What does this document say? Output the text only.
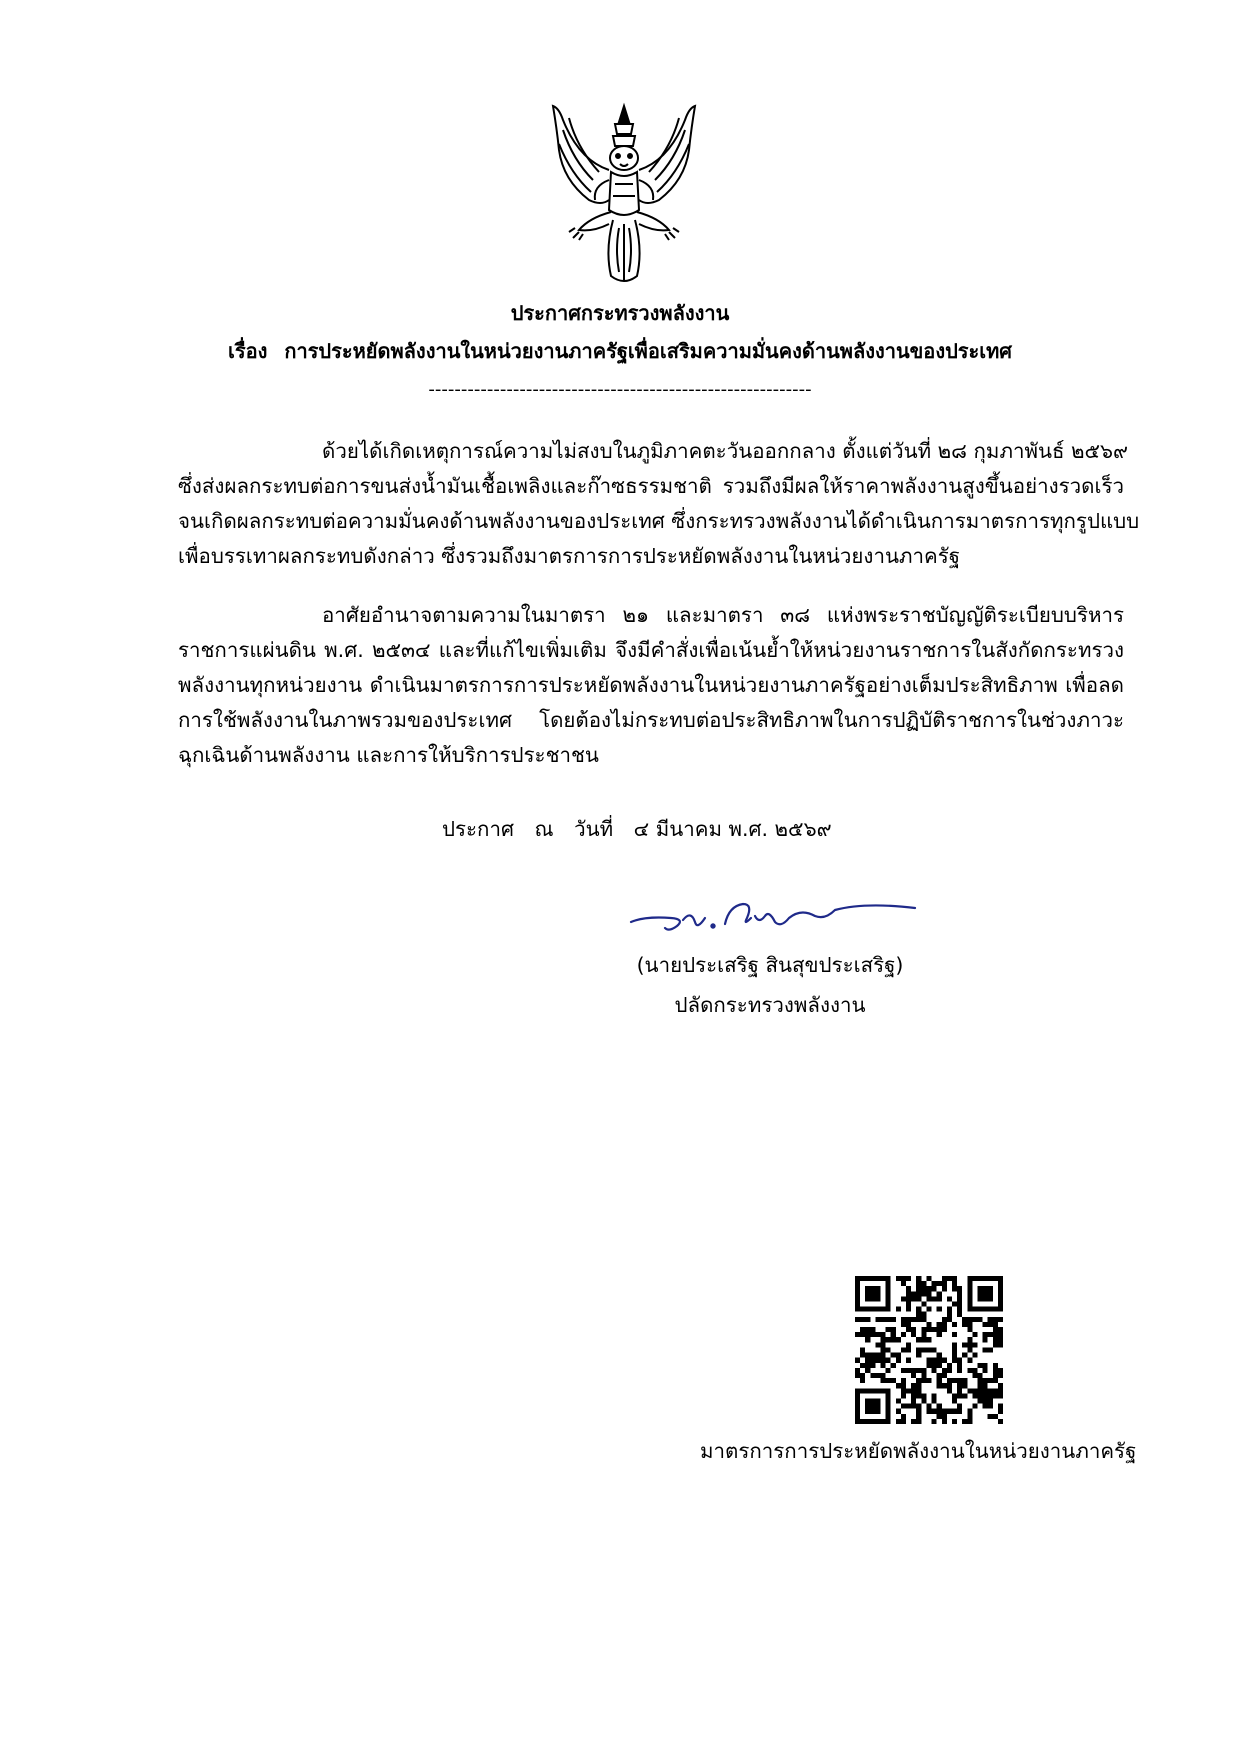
ประกาศกระทรวงพลังงาน
เรื่อง การประหยัดพลังงานในหน่วยงานภาครัฐเพื่อเสริมความมั่นคงด้านพลังงานของประเทศ
-----------------------------------------------------------
ด้วยได้เกิดเหตุการณ์ความไม่สงบในภูมิภาคตะวันออกกลาง ตั้งแต่วันที่ ๒๘ กุมภาพันธ์ ๒๕๖๙
ซึ่งส่งผลกระทบต่อการขนส่งน้ำมันเชื้อเพลิงและก๊าซธรรมชาติ รวมถึงมีผลให้ราคาพลังงานสูงขึ้นอย่างรวดเร็ว
จนเกิดผลกระทบต่อความมั่นคงด้านพลังงานของประเทศ ซึ่งกระทรวงพลังงานได้ดำเนินการมาตรการทุกรูปแบบ
เพื่อบรรเทาผลกระทบดังกล่าว ซึ่งรวมถึงมาตรการการประหยัดพลังงานในหน่วยงานภาครัฐ
อาศัยอำนาจตามความในมาตรา ๒๑ และมาตรา ๓๘ แห่งพระราชบัญญัติระเบียบบริหาร
ราชการแผ่นดิน พ.ศ. ๒๕๓๔ และที่แก้ไขเพิ่มเติม จึงมีคำสั่งเพื่อเน้นย้ำให้หน่วยงานราชการในสังกัดกระทรวง
พลังงานทุกหน่วยงาน ดำเนินมาตรการการประหยัดพลังงานในหน่วยงานภาครัฐอย่างเต็มประสิทธิภาพ เพื่อลด
การใช้พลังงานในภาพรวมของประเทศ โดยต้องไม่กระทบต่อประสิทธิภาพในการปฏิบัติราชการในช่วงภาวะ
ฉุกเฉินด้านพลังงาน และการให้บริการประชาชน
ประกาศ ณ วันที่ ๔ มีนาคม พ.ศ. ๒๕๖๙
(นายประเสริฐ สินสุขประเสริฐ)
ปลัดกระทรวงพลังงาน
มาตรการการประหยัดพลังงานในหน่วยงานภาครัฐ
